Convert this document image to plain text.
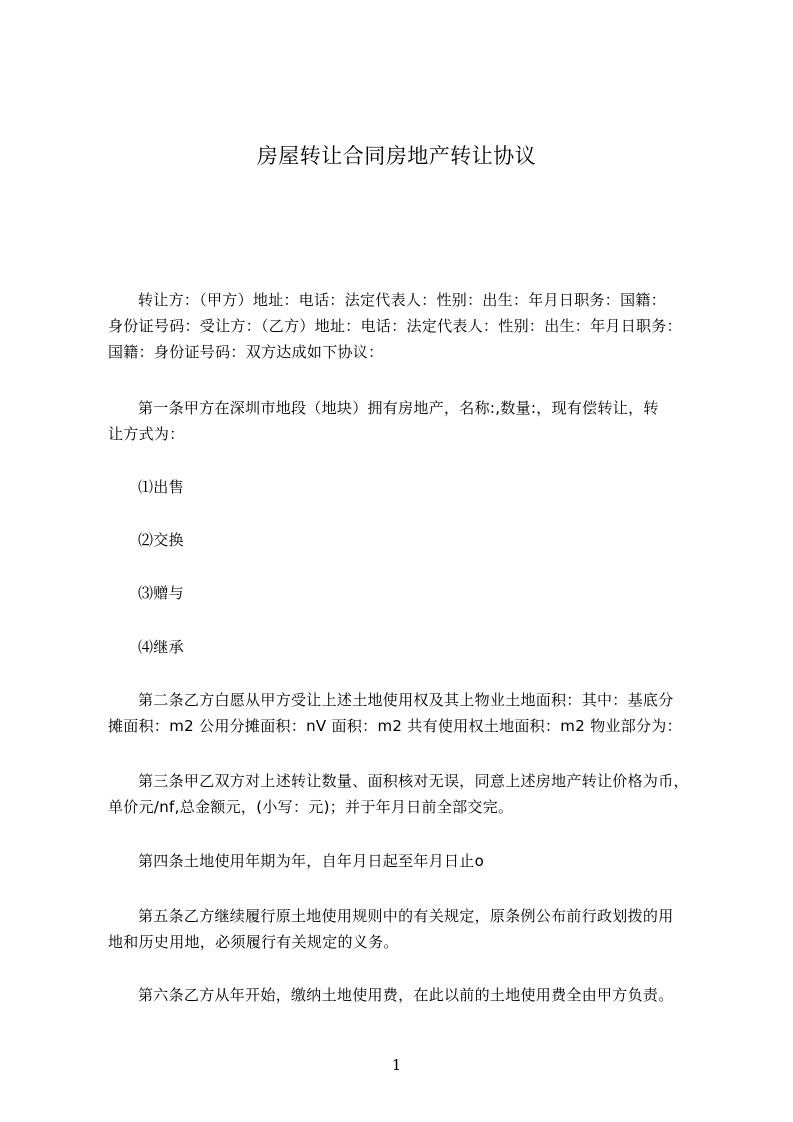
房屋转让合同房地产转让协议
转让方：（甲方）地址：电话：法定代表人：性别：出生：年月日职务：国籍：
身份证号码：受让方：（乙方）地址：电话：法定代表人：性别：出生：年月日职务：
国籍：身份证号码：双方达成如下协议：
第一条甲方在深圳市地段（地块）拥有房地产，名称:,数量:，现有偿转让，转
让方式为：
⑴出售
⑵交换
⑶赠与
⑷继承
第二条乙方白愿从甲方受让上述土地使用权及其上物业土地面积：其中：基底分
摊面积：m2 公用分摊面积：nV 面积：m2 共有使用权土地面积：m2 物业部分为：
第三条甲乙双方对上述转让数量、面积核对无误，同意上述房地产转让价格为币，
单价元/nf,总金额元，(小写：元)；并于年月日前全部交完。
第四条土地使用年期为年，自年月日起至年月日止o
第五条乙方继续履行原土地使用规则中的有关规定，原条例公布前行政划拨的用
地和历史用地，必须履行有关规定的义务。
第六条乙方从年开始，缴纳土地使用费，在此以前的土地使用费全由甲方负责。
1
